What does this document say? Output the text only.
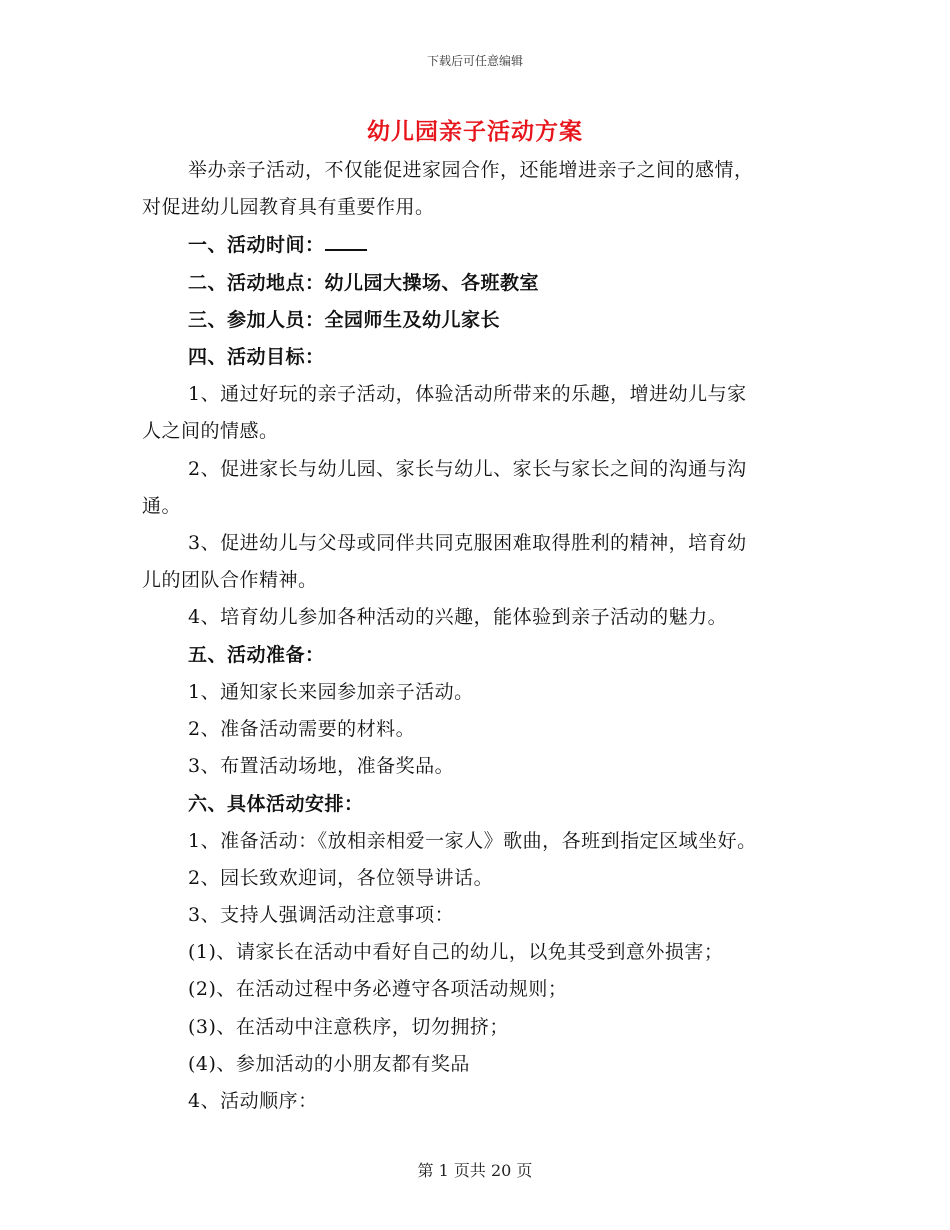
下载后可任意编辑
幼儿园亲子活动方案
举办亲子活动，不仅能促进家园合作，还能增进亲子之间的感情，
对促进幼儿园教育具有重要作用。
一、活动时间：
二、活动地点：幼儿园大操场、各班教室
三、参加人员：全园师生及幼儿家长
四、活动目标：
1、通过好玩的亲子活动，体验活动所带来的乐趣，增进幼儿与家
人之间的情感。
2、促进家长与幼儿园、家长与幼儿、家长与家长之间的沟通与沟
通。
3、促进幼儿与父母或同伴共同克服困难取得胜利的精神，培育幼
儿的团队合作精神。
4、培育幼儿参加各种活动的兴趣，能体验到亲子活动的魅力。
五、活动准备：
1、通知家长来园参加亲子活动。
2、准备活动需要的材料。
3、布置活动场地，准备奖品。
六、具体活动安排：
1、准备活动：《放相亲相爱一家人》歌曲，各班到指定区域坐好。
2、园长致欢迎词，各位领导讲话。
3、支持人强调活动注意事项：
(1)、请家长在活动中看好自己的幼儿，以免其受到意外损害；
(2)、在活动过程中务必遵守各项活动规则；
(3)、在活动中注意秩序，切勿拥挤；
(4)、参加活动的小朋友都有奖品
4、活动顺序：
第 1 页共 20 页
